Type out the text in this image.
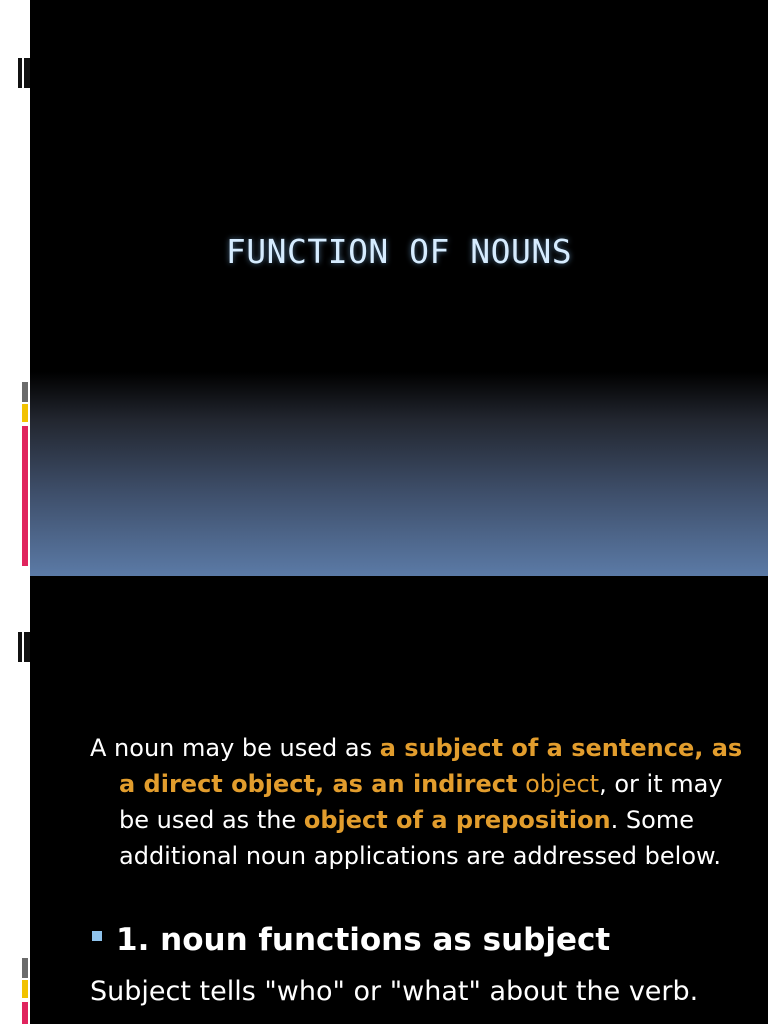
FUNCTION OF NOUNS
A noun may be used as a subject of a sentence, as a direct object, as an indirect object, or it may be used as the object of a preposition. Some additional noun applications are addressed below.
1. noun functions as subject
Subject tells "who" or "what" about the verb.
